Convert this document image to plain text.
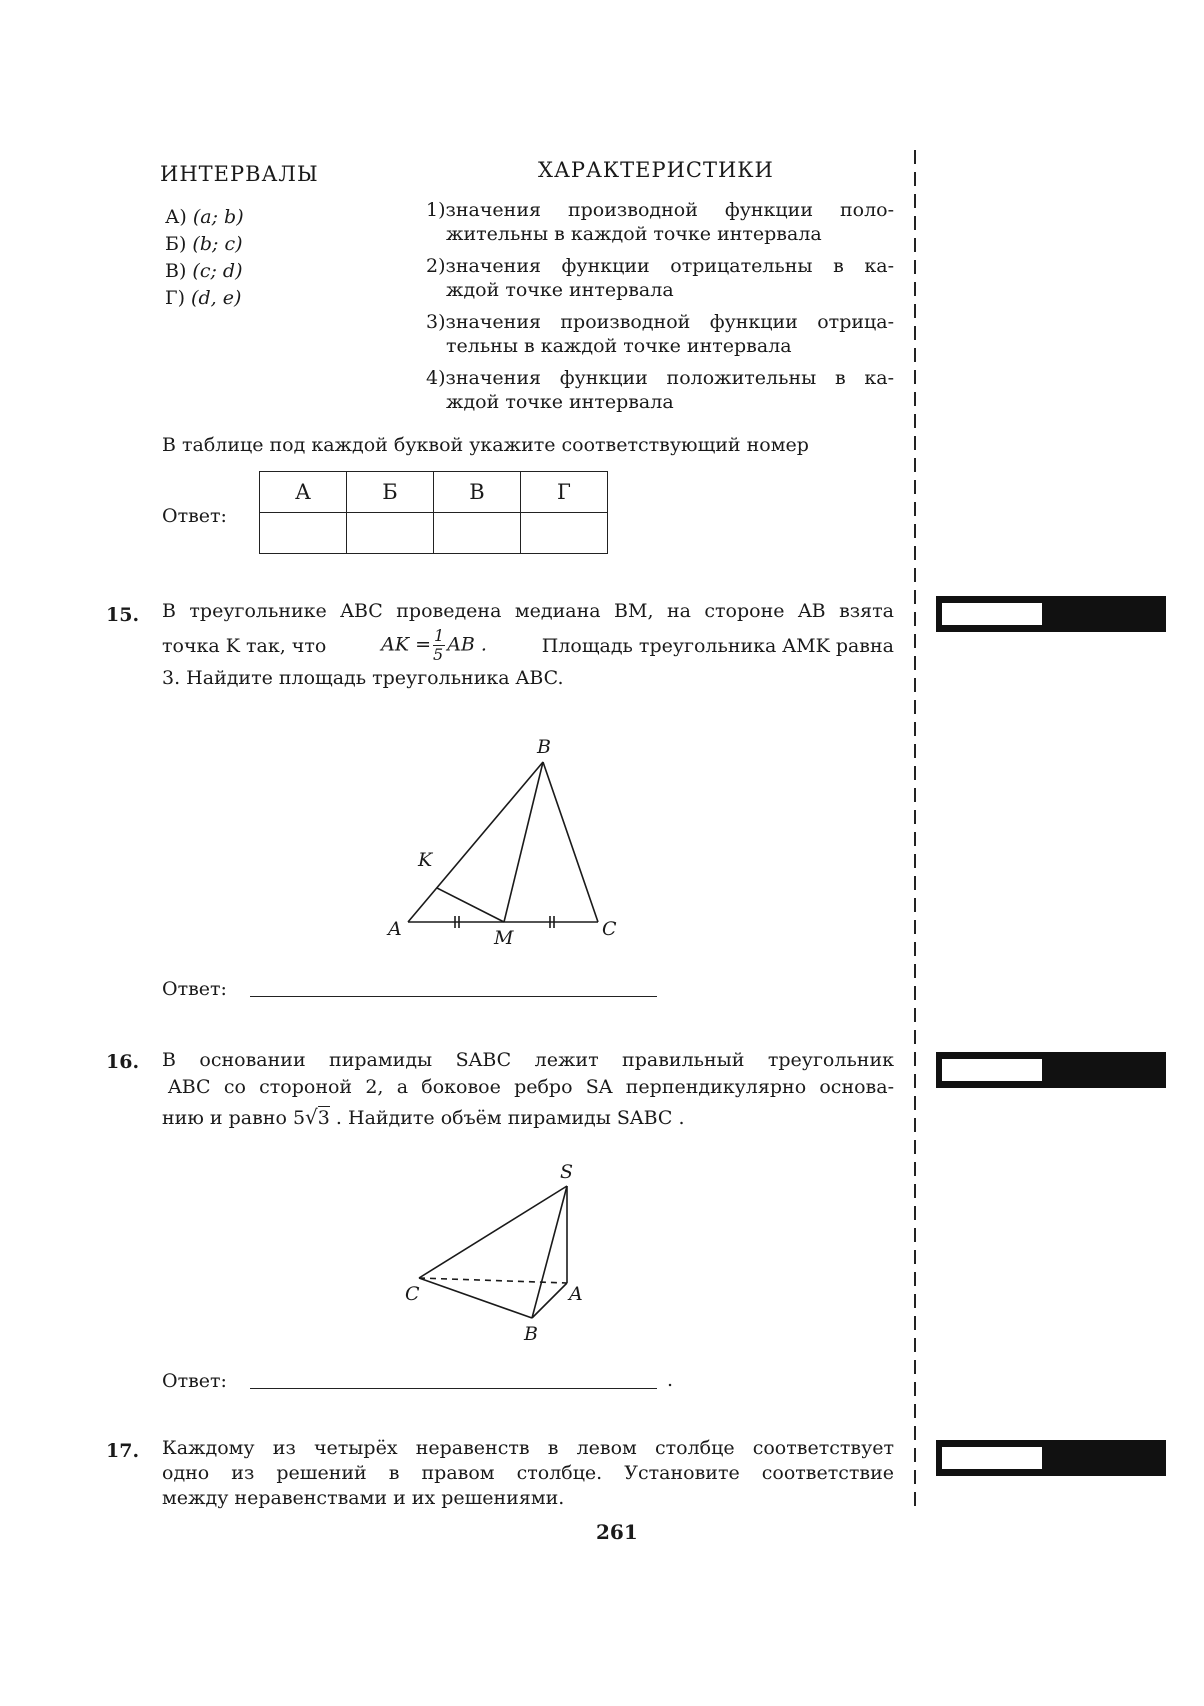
ИНТЕРВАЛЫ	ХАРАКТЕРИСТИКИ
А) (a; b)
Б) (b; c)
В) (c; d)
Г) (d, e)
1) значения производной функции поло-
жительны в каждой точке интервала
2) значения функции отрицательны в ка-
ждой точке интервала
3) значения производной функции отрица-
тельны в каждой точке интервала
4) значения функции положительны в ка-
ждой точке интервала
В таблице под каждой буквой укажите соответствующий номер
Ответ:
А	Б	В	Г

15. В треугольнике ABC проведена медиана BM, на стороне AB взята
точка K так, что	AK = $\frac{1}{5}$ AB .	Площадь треугольника AMK равна
3. Найдите площадь треугольника ABC.
B
K
A	M	C
Ответ:
16. В основании пирамиды SABC лежит правильный треугольник
ABC со стороной 2, а боковое ребро SA перпендикулярно основа-
нию и равно 5√3 . Найдите объём пирамиды SABC .
S
C	A
B
Ответ:	.
17. Каждому из четырёх неравенств в левом столбце соответствует
одно из решений в правом столбце. Установите соответствие
между неравенствами и их решениями.
261
